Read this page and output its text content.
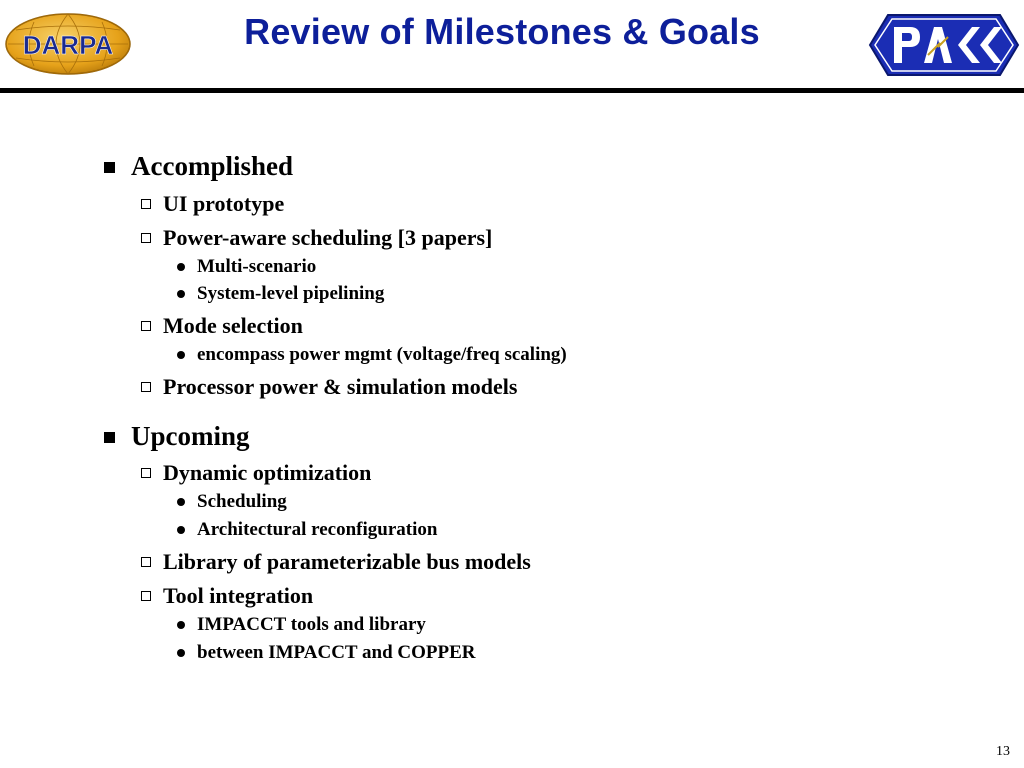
DARPA	Review of Milestones & Goals
Accomplished
UI prototype
Power-aware scheduling [3 papers]
Multi-scenario
System-level pipelining
Mode selection
encompass power mgmt (voltage/freq scaling)
Processor power & simulation models
Upcoming
Dynamic optimization
Scheduling
Architectural reconfiguration
Library of parameterizable bus models
Tool integration
IMPACCT tools and library
between IMPACCT and COPPER
13
